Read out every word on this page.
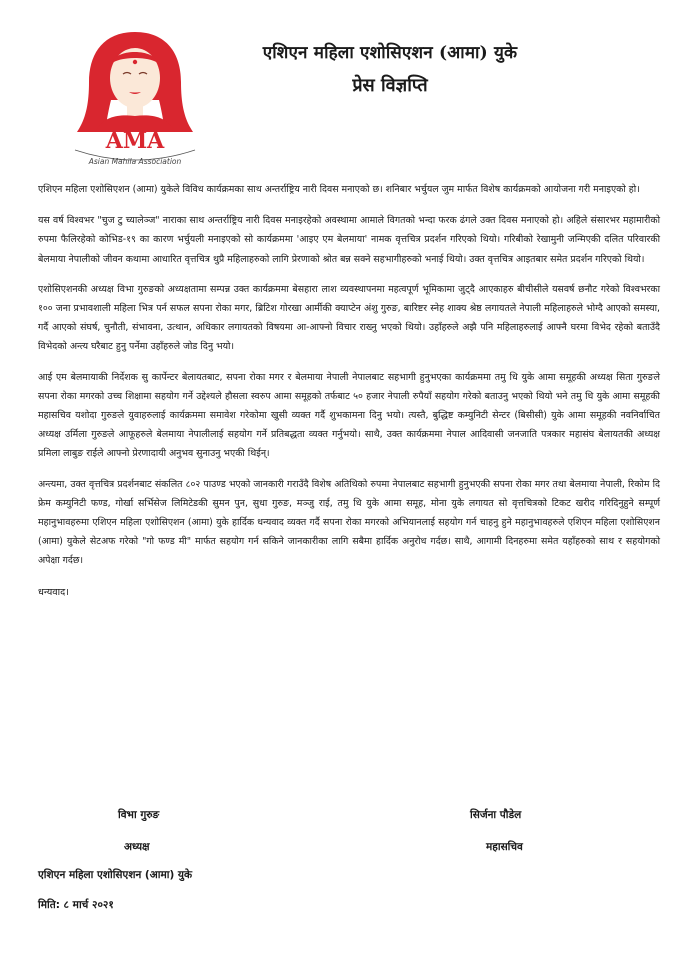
AMA
Asian Mahila Association
एशिएन महिला एशोसिएशन (आमा) युके
प्रेस विज्ञप्ति

एशिएन महिला एशोसिएशन (आमा) युकेले विविध कार्यक्रमका साथ अन्तर्राष्ट्रिय नारी दिवस मनाएको छ। शनिबार भर्चुयल जुम मार्फत विशेष कार्यक्रमको आयोजना गरी मनाइएको हो।

यस वर्ष विश्वभर "चुज टु च्यालेञ्ज" नाराका साथ अन्तर्राष्ट्रिय नारी दिवस मनाइरहेको अवस्थामा आमाले विगतको भन्दा फरक ढंगले उक्त दिवस मनाएको हो। अहिले संसारभर महामारीको रुपमा फैलिरहेको कोभिड-१९ का कारण भर्चुयली मनाइएको सो कार्यक्रममा 'आइए एम बेलमाया' नामक वृत्तचित्र प्रदर्शन गरिएको थियो। गरिबीको रेखामुनी जन्मिएकी दलित परिवारकी बेलमाया नेपालीको जीवन कथामा आधारित वृत्तचित्र थुप्रै महिलाहरुको लागि प्रेरणाको श्रोत बन्न सक्ने सहभागीहरुको भनाई थियो। उक्त वृत्तचित्र आइतबार समेत प्रदर्शन गरिएको थियो।

एशोसिएशनकी अध्यक्ष विभा गुरुङको अध्यक्षतामा सम्पन्न उक्त कार्यक्रममा बेसहारा लाश व्यवस्थापनमा महत्वपूर्ण भूमिकामा जुट्दै आएकाहरु बीचीसीले यसवर्ष छनौट गरेको विश्वभरका १०० जना प्रभावशाली महिला भित्र पर्न सफल सपना रोका मगर, ब्रिटिश गोरखा आर्मीकी क्याप्टेन अंशु गुरुङ, बारिष्टर स्नेह शाक्य श्रेष्ठ लगायतले नेपाली महिलाहरुले भोग्दै आएको समस्या, गर्दै आएको संघर्ष, चुनौती, संभावना, उत्थान, अधिकार लगायतको विषयमा आ-आफ्नो विचार राख्नु भएको थियो। उहाँहरुले अझै पनि महिलाहरुलाई आफ्नै घरमा विभेद रहेको बताउँदै विभेदको अन्त्य घरैबाट हुनु पर्नेमा उहाँहरुले जोड दिनु भयो।

आई एम बेलमायाकी निर्देशक सु कार्पेन्टर बेलायतबाट, सपना रोका मगर र बेलमाया नेपाली नेपालबाट सहभागी हुनुभएका कार्यक्रममा तमु धि युके आमा समूहकी अध्यक्ष सिता गुरुङले सपना रोका मगरको उच्च शिक्षामा सहयोग गर्ने उद्देश्यले हौसला स्वरुप आमा समूहको तर्फबाट ५० हजार नेपाली रुपैयाँ सहयोग गरेको बताउनु भएको थियो भने तमु धि युके आमा समूहकी महासचिव यशोदा गुरुङले युवाहरुलाई कार्यक्रममा समावेश गरेकोमा खुसी व्यक्त गर्दै शुभकामना दिनु भयो। त्यस्तै, बुद्धिष्ट कम्युनिटी सेन्टर (बिसीसी) युके आमा समूहकी नवनिर्वाचित अध्यक्ष उर्मिला गुरुङले आफूहरुले बेलमाया नेपालीलाई सहयोग गर्ने प्रतिबद्धता व्यक्त गर्नुभयो। साथै, उक्त कार्यक्रममा नेपाल आदिवासी जनजाति पत्रकार महासंघ बेलायतकी अध्यक्ष प्रमिला लाबुङ राईले आफ्नो प्रेरणादायी अनुभव सुनाउनु भएकी थिईन्।

अन्त्यमा, उक्त वृत्तचित्र प्रदर्शनबाट संकलित ८०२ पाउण्ड भएको जानकारी गराउँदै विशेष अतिथिको रुपमा नेपालबाट सहभागी हुनुभएकी सपना रोका मगर तथा बेलमाया नेपाली, रिकोम दि फ्रेम कम्युनिटी फण्ड, गोर्खा सर्भिसेज लिमिटेडकी सुमन पुन, सुधा गुरुङ, मञ्जु राई, तमु धि युके आमा समूह, मोना युके लगायत सो वृत्तचित्रको टिकट खरीद गरिदिनुहुने सम्पूर्ण महानुभावहरुमा एशिएन महिला एशोसिएशन (आमा) युके हार्दिक धन्यवाद व्यक्त गर्दै सपना रोका मगरको अभियानलाई सहयोग गर्न चाहनु हुने महानुभावहरुले एशिएन महिला एशोसिएशन (आमा) युकेले सेटअफ गरेको "गो फण्ड मी" मार्फत सहयोग गर्न सकिने जानकारीका लागि सबैमा हार्दिक अनुरोध गर्दछ। साथै, आगामी दिनहरुमा समेत यहाँहरुको साथ र सहयोगको अपेक्षा गर्दछ।

धन्यवाद।
विभा गुरुङ
अध्यक्ष
सिर्जना पौडेल
महासचिव
एशिएन महिला एशोसिएशन (आमा) युके
मिति: ८ मार्च २०२१
